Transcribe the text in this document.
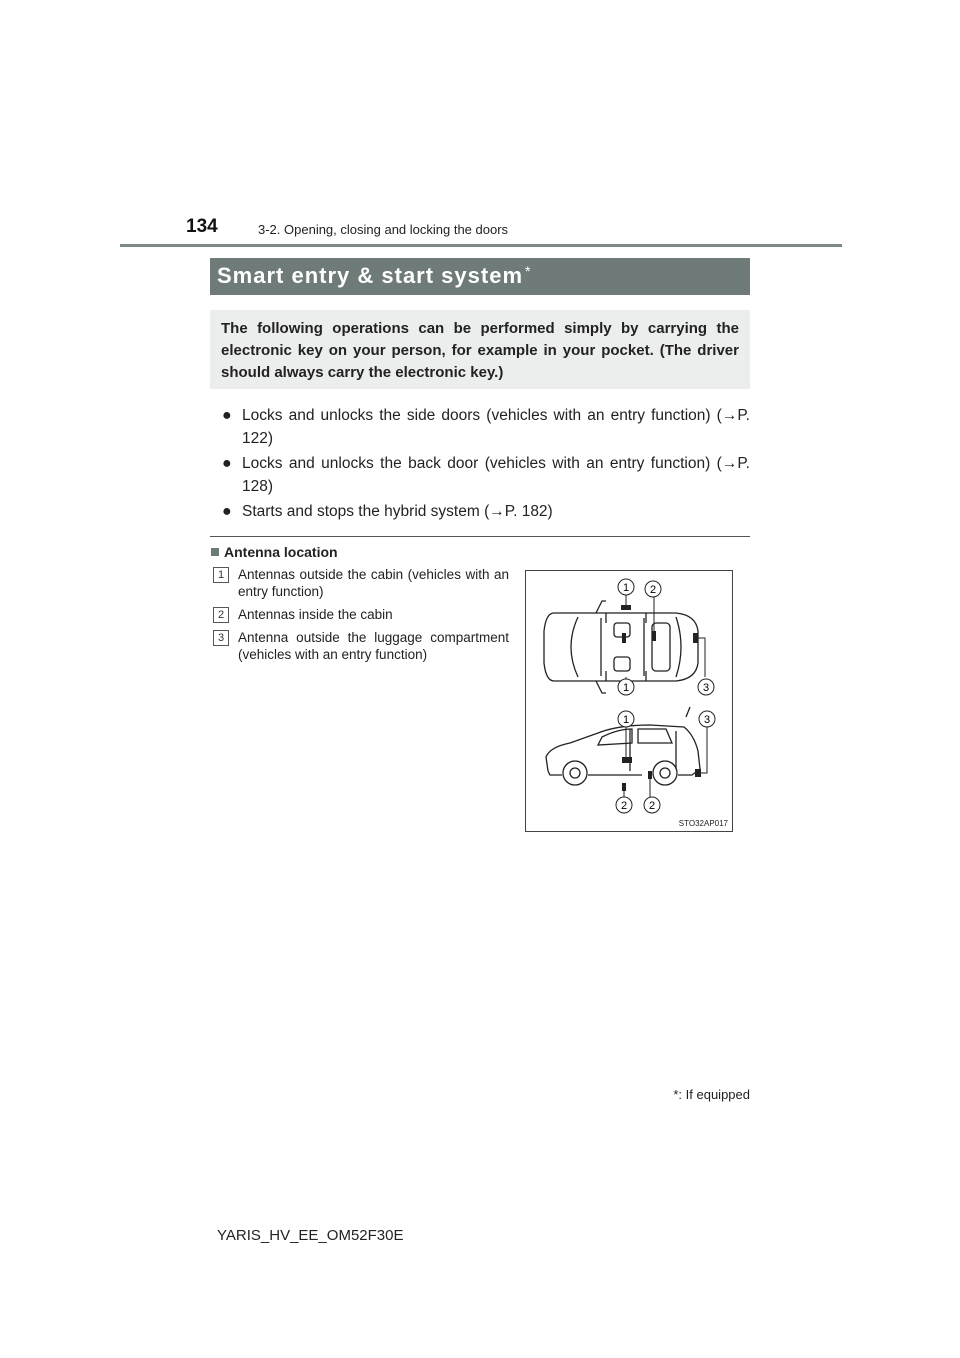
134	3-2. Opening, closing and locking the doors
Smart entry & start system *

The following operations can be performed simply by carrying the electronic key on your person, for example in your pocket. (The driver should always carry the electronic key.)

● Locks and unlocks the side doors (vehicles with an entry function) (→P. 122)
● Locks and unlocks the back door (vehicles with an entry function) (→P. 128)
● Starts and stops the hybrid system (→P. 182)
Antenna location
1	Antennas outside the cabin (vehicles with an entry function)
2	Antennas inside the cabin
3	Antenna outside the luggage compartment (vehicles with an entry function)
1 2
1	3
1	3
2 2
STO32AP017
*: If equipped
YARIS_HV_EE_OM52F30E
